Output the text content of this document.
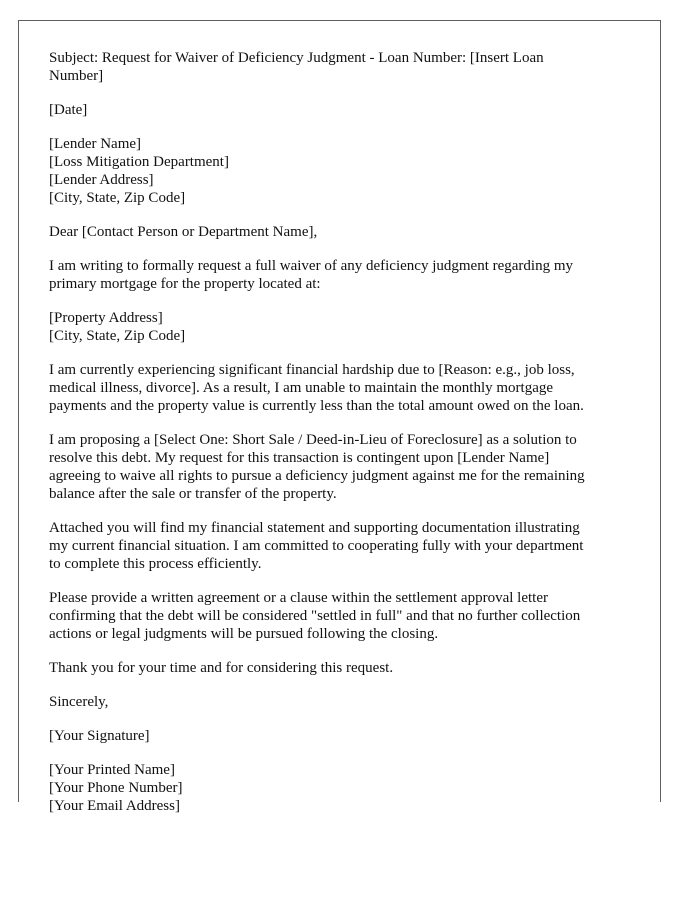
Subject: Request for Waiver of Deficiency Judgment - Loan Number: [Insert Loan
Number]

[Date]

[Lender Name]
[Loss Mitigation Department]
[Lender Address]
[City, State, Zip Code]

Dear [Contact Person or Department Name],

I am writing to formally request a full waiver of any deficiency judgment regarding my
primary mortgage for the property located at:

[Property Address]
[City, State, Zip Code]

I am currently experiencing significant financial hardship due to [Reason: e.g., job loss,
medical illness, divorce]. As a result, I am unable to maintain the monthly mortgage
payments and the property value is currently less than the total amount owed on the loan.

I am proposing a [Select One: Short Sale / Deed-in-Lieu of Foreclosure] as a solution to
resolve this debt. My request for this transaction is contingent upon [Lender Name]
agreeing to waive all rights to pursue a deficiency judgment against me for the remaining
balance after the sale or transfer of the property.

Attached you will find my financial statement and supporting documentation illustrating
my current financial situation. I am committed to cooperating fully with your department
to complete this process efficiently.

Please provide a written agreement or a clause within the settlement approval letter
confirming that the debt will be considered "settled in full" and that no further collection
actions or legal judgments will be pursued following the closing.

Thank you for your time and for considering this request.

Sincerely,

[Your Signature]

[Your Printed Name]
[Your Phone Number]
[Your Email Address]
